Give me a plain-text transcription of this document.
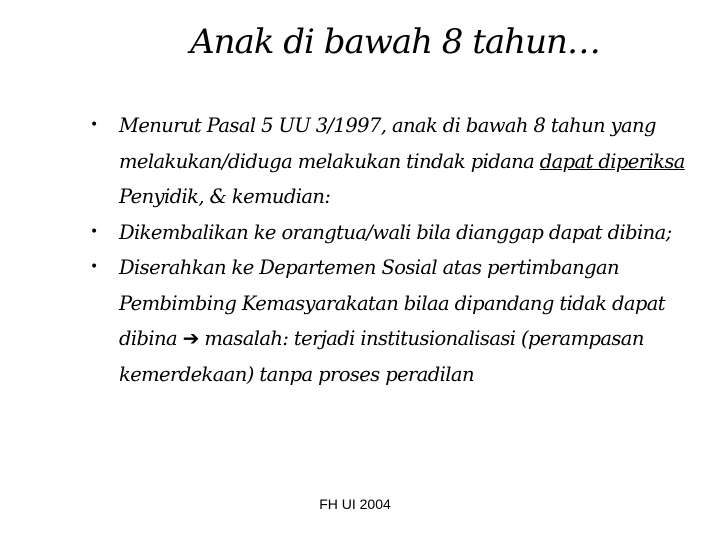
Anak di bawah 8 tahun…
• Menurut Pasal 5 UU 3/1997, anak di bawah 8 tahun yang melakukan/diduga melakukan tindak pidana dapat diperiksa Penyidik, & kemudian:
• Dikembalikan ke orangtua/wali bila dianggap dapat dibina;
• Diserahkan ke Departemen Sosial atas pertimbangan Pembimbing Kemasyarakatan bilaa dipandang tidak dapat dibina ➔ masalah: terjadi institusionalisasi (perampasan kemerdekaan) tanpa proses peradilan
FH UI 2004
